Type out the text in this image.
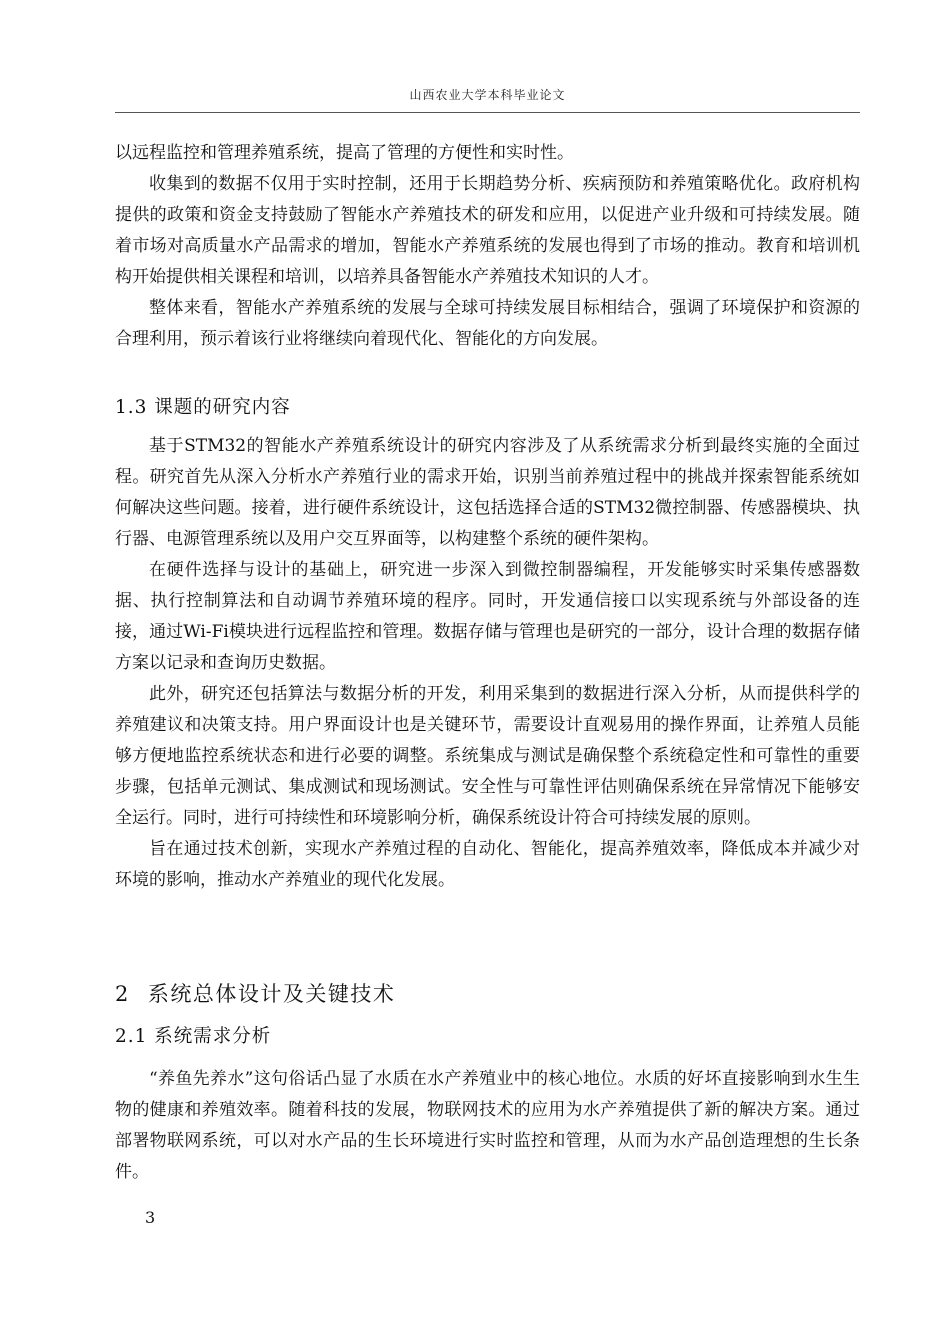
山西农业大学本科毕业论文

以远程监控和管理养殖系统，提高了管理的方便性和实时性。

收集到的数据不仅用于实时控制，还用于长期趋势分析、疾病预防和养殖策略优化。政府机构提供的政策和资金支持鼓励了智能水产养殖技术的研发和应用，以促进产业升级和可持续发展。随着市场对高质量水产品需求的增加，智能水产养殖系统的发展也得到了市场的推动。教育和培训机构开始提供相关课程和培训，以培养具备智能水产养殖技术知识的人才。

整体来看，智能水产养殖系统的发展与全球可持续发展目标相结合，强调了环境保护和资源的合理利用，预示着该行业将继续向着现代化、智能化的方向发展。

1.3 课题的研究内容

基于STM32的智能水产养殖系统设计的研究内容涉及了从系统需求分析到最终实施的全面过程。研究首先从深入分析水产养殖行业的需求开始，识别当前养殖过程中的挑战并探索智能系统如何解决这些问题。接着，进行硬件系统设计，这包括选择合适的STM32微控制器、传感器模块、执行器、电源管理系统以及用户交互界面等，以构建整个系统的硬件架构。

在硬件选择与设计的基础上，研究进一步深入到微控制器编程，开发能够实时采集传感器数据、执行控制算法和自动调节养殖环境的程序。同时，开发通信接口以实现系统与外部设备的连接，通过Wi-Fi模块进行远程监控和管理。数据存储与管理也是研究的一部分，设计合理的数据存储方案以记录和查询历史数据。

此外，研究还包括算法与数据分析的开发，利用采集到的数据进行深入分析，从而提供科学的养殖建议和决策支持。用户界面设计也是关键环节，需要设计直观易用的操作界面，让养殖人员能够方便地监控系统状态和进行必要的调整。系统集成与测试是确保整个系统稳定性和可靠性的重要步骤，包括单元测试、集成测试和现场测试。安全性与可靠性评估则确保系统在异常情况下能够安全运行。同时，进行可持续性和环境影响分析，确保系统设计符合可持续发展的原则。

旨在通过技术创新，实现水产养殖过程的自动化、智能化，提高养殖效率，降低成本并减少对环境的影响，推动水产养殖业的现代化发展。

2 系统总体设计及关键技术
2.1 系统需求分析

“养鱼先养水”这句俗话凸显了水质在水产养殖业中的核心地位。水质的好坏直接影响到水生生物的健康和养殖效率。随着科技的发展，物联网技术的应用为水产养殖提供了新的解决方案。通过部署物联网系统，可以对水产品的生长环境进行实时监控和管理，从而为水产品创造理想的生长条件。

3
